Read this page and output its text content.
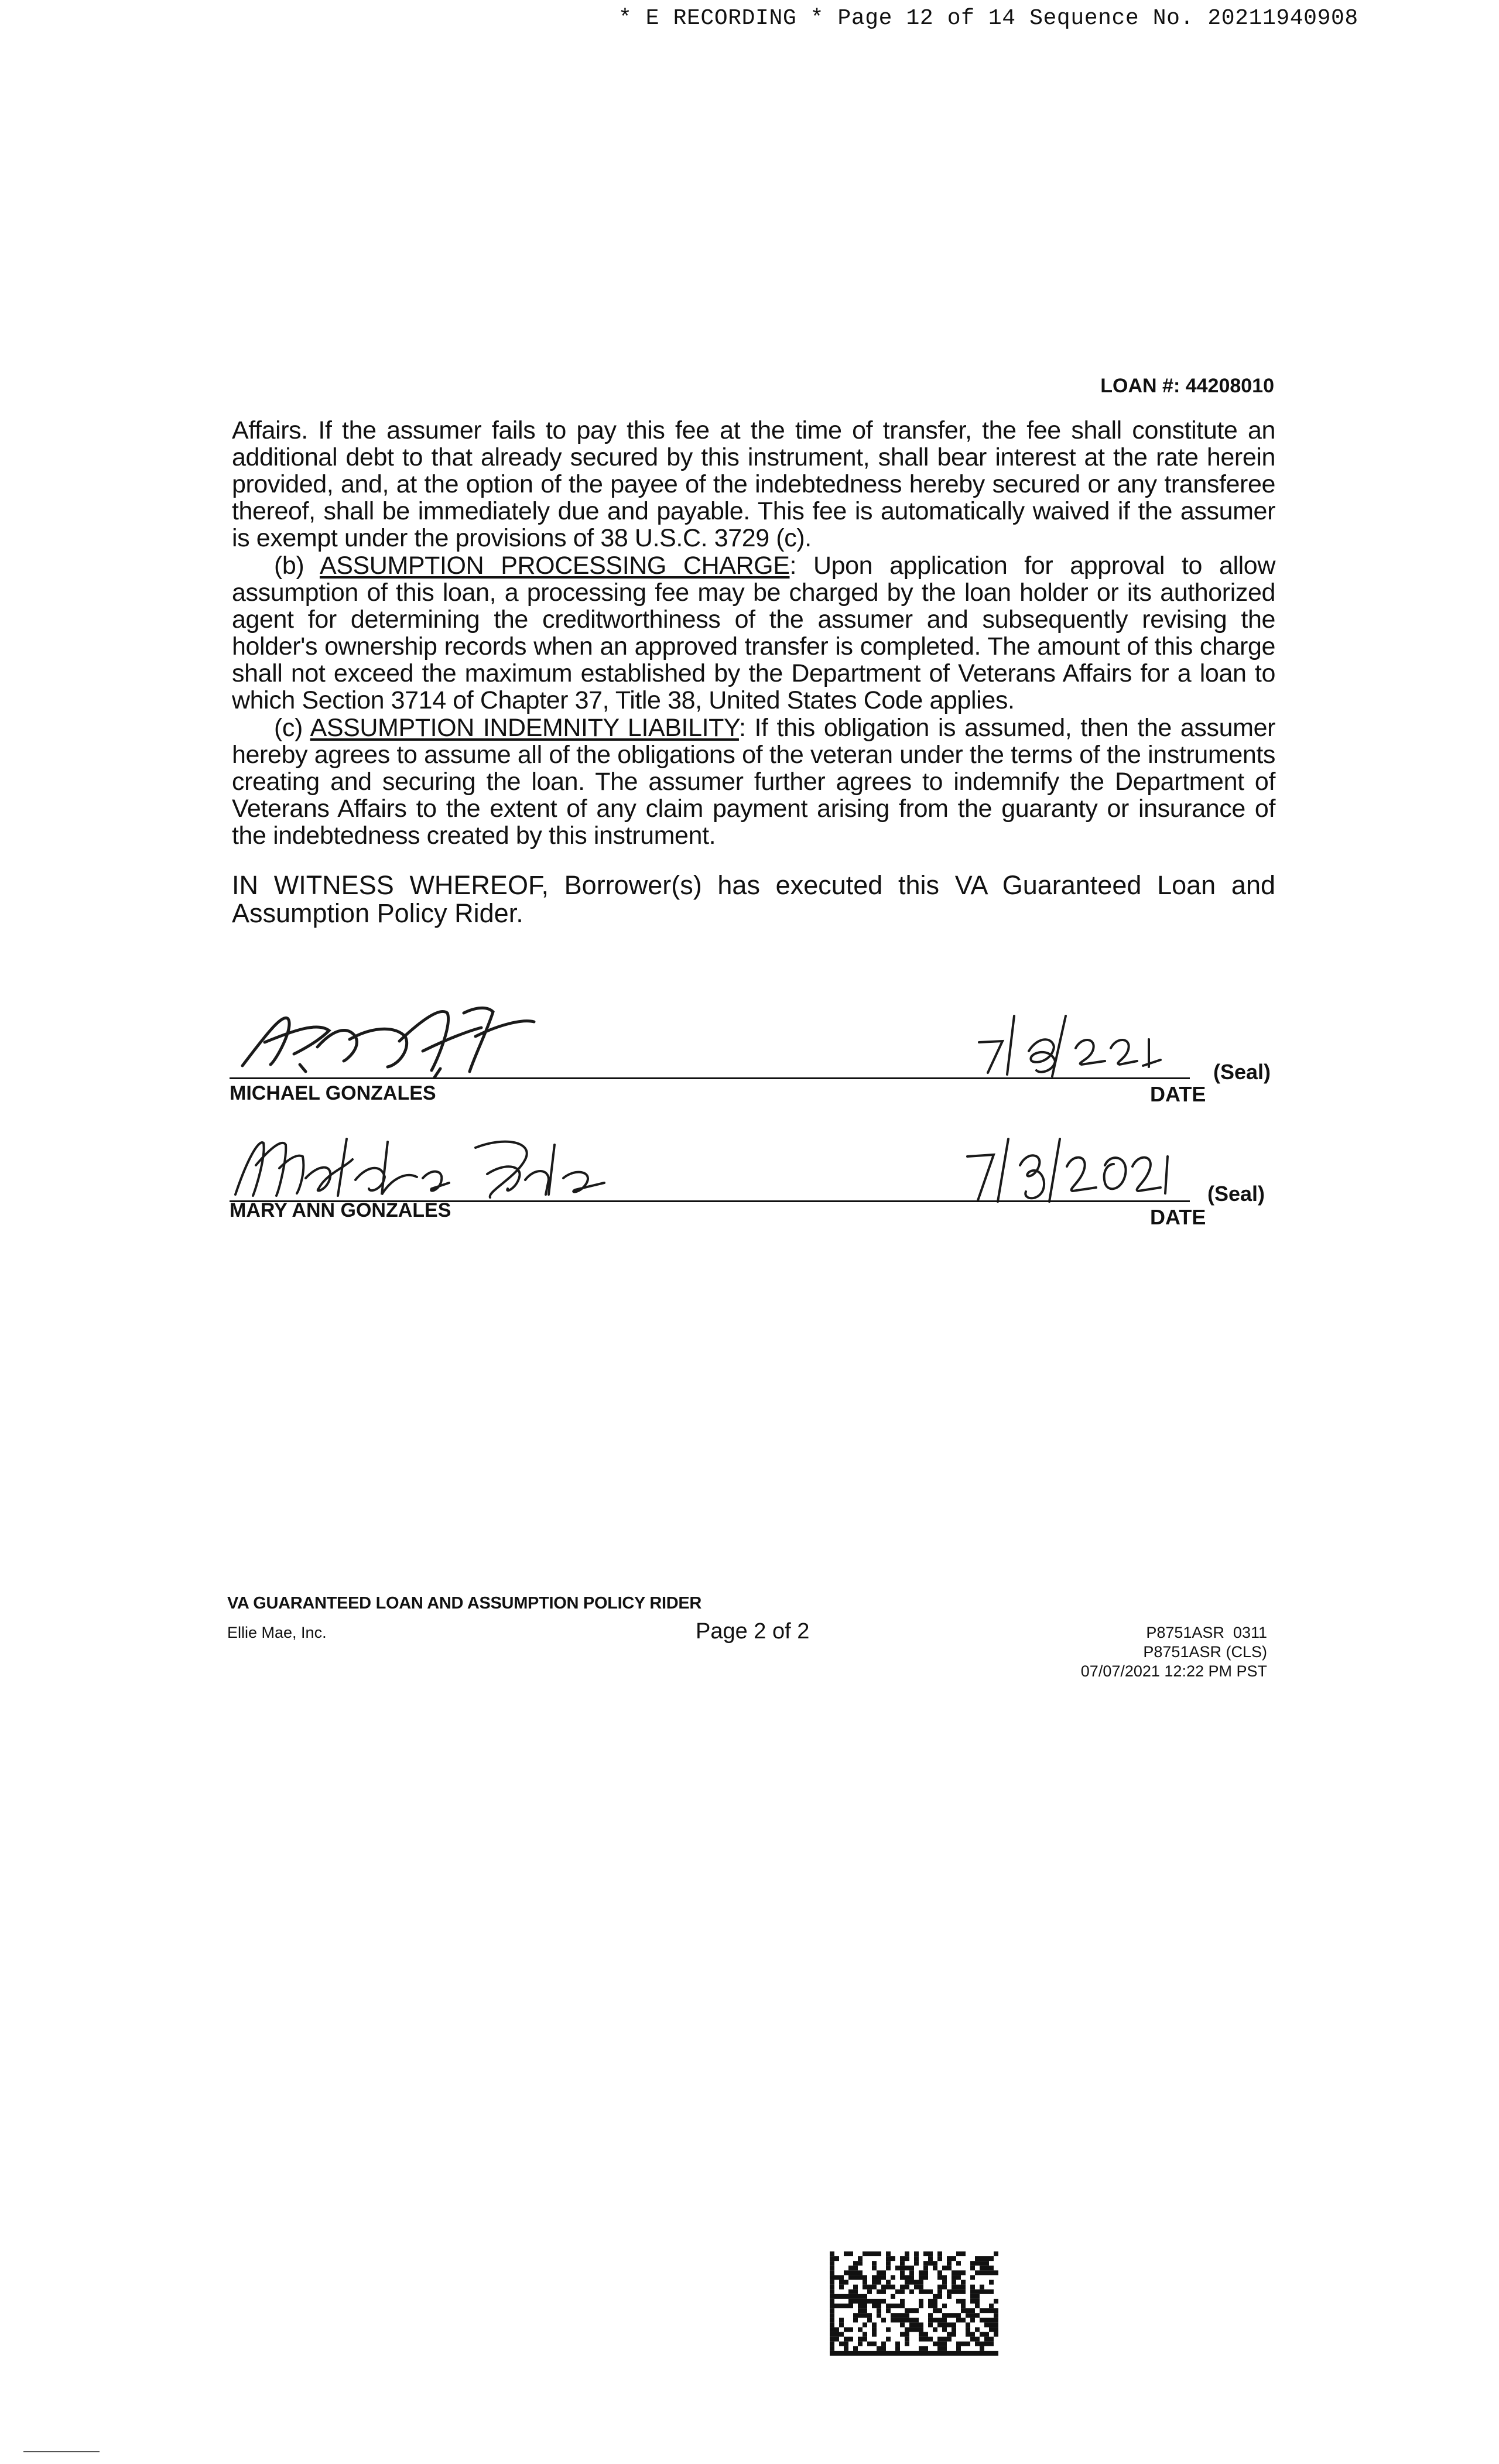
* E RECORDING * Page 12 of 14 Sequence No. 20211940908
LOAN #: 44208010
Affairs. If the assumer fails to pay this fee at the time of transfer, the fee shall constitute an additional debt to that already secured by this instrument, shall bear interest at the rate herein provided, and, at the option of the payee of the indebtedness hereby secured or any transferee thereof, shall be immediately due and payable. This fee is automatically waived if the assumer is exempt under the provisions of 38 U.S.C. 3729 (c).
(b) ASSUMPTION PROCESSING CHARGE: Upon application for approval to allow assumption of this loan, a processing fee may be charged by the loan holder or its authorized agent for determining the creditworthiness of the assumer and subsequently revising the holder's ownership records when an approved transfer is completed. The amount of this charge shall not exceed the maximum established by the Department of Veterans Affairs for a loan to which Section 3714 of Chapter 37, Title 38, United States Code applies.
(c) ASSUMPTION INDEMNITY LIABILITY: If this obligation is assumed, then the assumer hereby agrees to assume all of the obligations of the veteran under the terms of the instruments creating and securing the loan. The assumer further agrees to indemnify the Department of Veterans Affairs to the extent of any claim payment arising from the guaranty or insurance of the indebtedness created by this instrument.
IN WITNESS WHEREOF, Borrower(s) has executed this VA Guaranteed Loan and Assumption Policy Rider.
MICHAEL GONZALES
(Seal)
DATE
MARY ANN GONZALES
(Seal)
DATE
VA GUARANTEED LOAN AND ASSUMPTION POLICY RIDER
Ellie Mae, Inc.	Page 2 of 2	P8751ASR  0311
P8751ASR (CLS)
07/07/2021 12:22 PM PST
